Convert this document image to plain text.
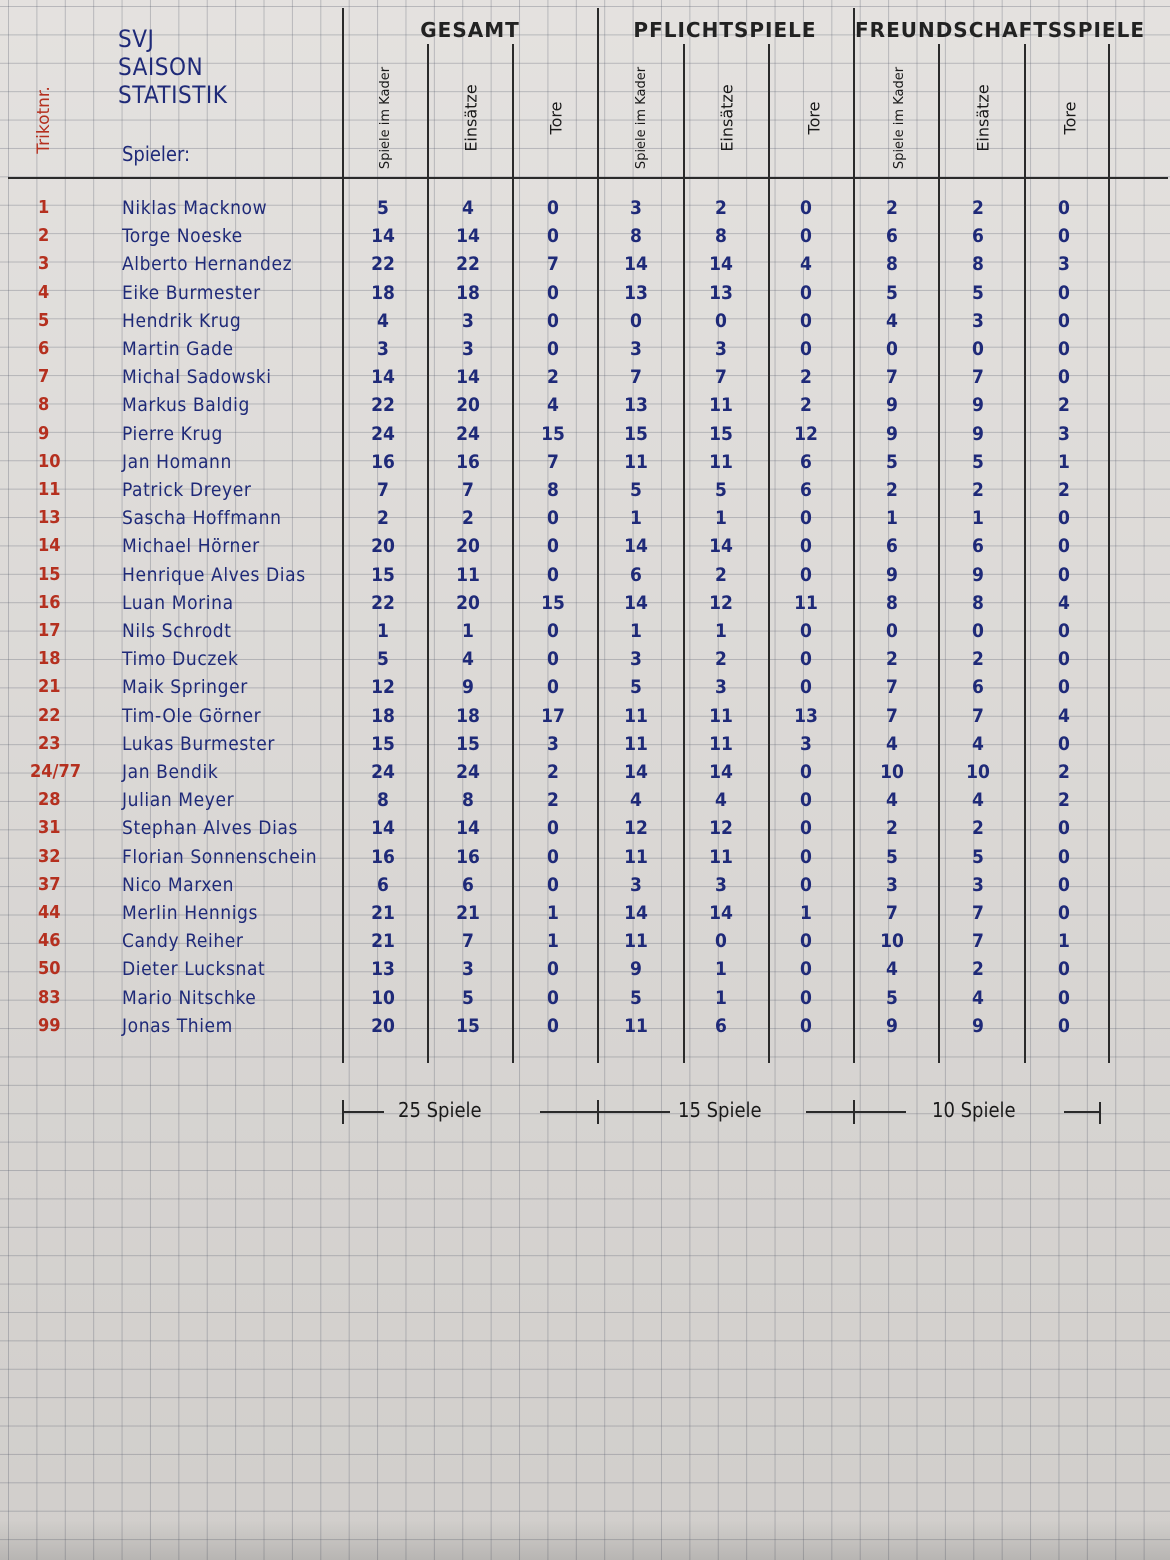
SVJ
SAISON
STATISTIK
Trikotnr.
Spieler:
GESAMT	PFLICHTSPIELE	FREUNDSCHAFTSSPIELE
Spiele im Kader	Einsätze	Tore	Spiele im Kader	Einsätze	Tore	Spiele im Kader	Einsätze	Tore
1	Niklas Macknow	5	4	0	3	2	0	2	2	0
2	Torge Noeske	14	14	0	8	8	0	6	6	0
3	Alberto Hernandez	22	22	7	14	14	4	8	8	3
4	Eike Burmester	18	18	0	13	13	0	5	5	0
5	Hendrik Krug	4	3	0	0	0	0	4	3	0
6	Martin Gade	3	3	0	3	3	0	0	0	0
7	Michal Sadowski	14	14	2	7	7	2	7	7	0
8	Markus Baldig	22	20	4	13	11	2	9	9	2
9	Pierre Krug	24	24	15	15	15	12	9	9	3
10	Jan Homann	16	16	7	11	11	6	5	5	1
11	Patrick Dreyer	7	7	8	5	5	6	2	2	2
13	Sascha Hoffmann	2	2	0	1	1	0	1	1	0
14	Michael Hörner	20	20	0	14	14	0	6	6	0
15	Henrique Alves Dias	15	11	0	6	2	0	9	9	0
16	Luan Morina	22	20	15	14	12	11	8	8	4
17	Nils Schrodt	1	1	0	1	1	0	0	0	0
18	Timo Duczek	5	4	0	3	2	0	2	2	0
21	Maik Springer	12	9	0	5	3	0	7	6	0
22	Tim-Ole Görner	18	18	17	11	11	13	7	7	4
23	Lukas Burmester	15	15	3	11	11	3	4	4	0
24/77 Jan Bendik	24	24	2	14	14	0	10	10	2
28	Julian Meyer	8	8	2	4	4	0	4	4	2
31	Stephan Alves Dias	14	14	0	12	12	0	2	2	0
32	Florian Sonnenschein	16	16	0	11	11	0	5	5	0
37	Nico Marxen	6	6	0	3	3	0	3	3	0
44	Merlin Hennigs	21	21	1	14	14	1	7	7	0
46	Candy Reiher	21	7	1	11	0	0	10	7	1
50	Dieter Lucksnat	13	3	0	9	1	0	4	2	0
83	Mario Nitschke	10	5	0	5	1	0	5	4	0
99	Jonas Thiem	20	15	0	11	6	0	9	9	0
25 Spiele	15 Spiele	10 Spiele
